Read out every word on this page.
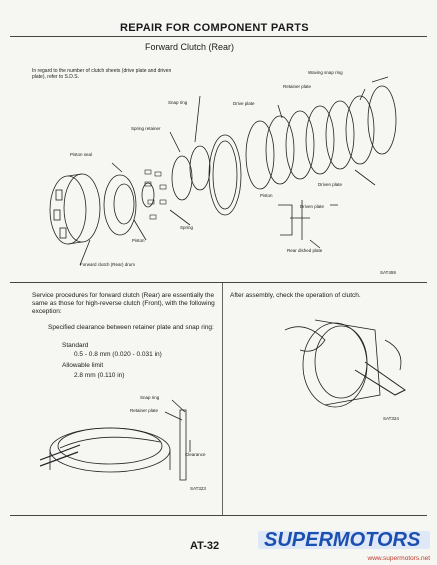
REPAIR FOR COMPONENT PARTS
Forward Clutch (Rear)
In regard to the number of clutch sheets (drive plate and driven plate), refer to S.D.S.
Waving snap ring
Retainer plate
Drive plate
Snap ring
Spring retainer
Piston seal
Driven plate
Piston
Driven plate
Spring
Piston
Rear dished plate
Forward clutch (Rear) drum
SAT459
Service procedures for forward clutch (Rear) are essentially the same as those for high-reverse clutch (Front), with the following exception:
Specified clearance between retainer plate and snap ring:
Standard
0.5 - 0.8 mm (0.020 - 0.031 in)
Allowable limit
2.8 mm (0.110 in)
Snap ring
Retainer plate
Clearance
SAT323
After assembly, check the operation of clutch.
SAT324
AT-32 SUPERMOTORS
www.supermotors.net
